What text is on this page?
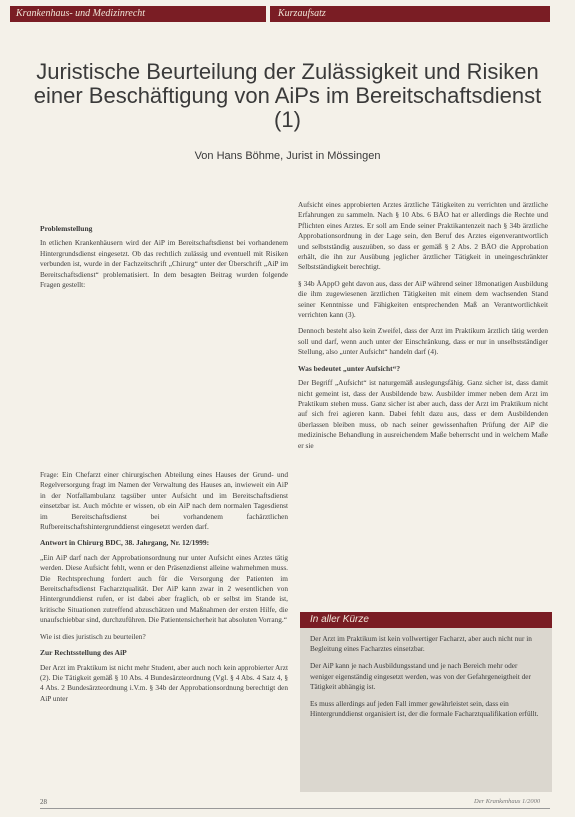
Krankenhaus- und Medizinrecht	Kurzaufsatz
Juristische Beurteilung der Zulässigkeit und Risiken einer Beschäftigung von AiPs im Bereitschaftsdienst (1)
Von Hans Böhme, Jurist in Mössingen
Problemstellung

In etlichen Krankenhäusern wird der AiP im Bereitschaftsdienst bei vorhandenem Hintergrundsdienst eingesetzt. Ob das rechtlich zulässig und eventuell mit Risiken verbunden ist, wurde in der Fachzeitschrift „Chirurg“ unter der Überschrift „AiP im Bereitschaftsdienst“ problematisiert. In dem besagten Beitrag wurden folgende Fragen gestellt:

Frage: Ein Chefarzt einer chirurgischen Abteilung eines Hauses der Grund- und Regelversorgung fragt im Namen der Verwaltung des Hauses an, inwieweit ein AiP in der Notfallambulanz tagsüber unter Aufsicht und im Bereitschaftsdienst einsetzbar ist. Auch möchte er wissen, ob ein AiP nach dem normalen Tagesdienst im Bereitschaftsdienst bei vorhandenem fachärztlichen Rufbereitschaftshintergrunddienst eingesetzt werden darf.

Antwort in Chirurg BDC, 38. Jahrgang, Nr. 12/1999:

„Ein AiP darf nach der Approbationsordnung nur unter Aufsicht eines Arztes tätig werden. Diese Aufsicht fehlt, wenn er den Präsenzdienst alleine wahrnehmen muss. Die Rechtsprechung fordert auch für die Versorgung der Patienten im Bereitschaftsdienst Facharztqualität. Der AiP kann zwar in 2 wesentlichen von Hintergrunddienst rufen, er ist dabei aber fraglich, ob er selbst im Stande ist, kritische Situationen zutreffend abzuschätzen und Maßnahmen der ersten Hilfe, die unaufschiebbar sind, durchzuführen. Die Patientensicherheit hat absoluten Vorrang.“

Wie ist dies juristisch zu beurteilen?

Zur Rechtsstellung des AiP

Der Arzt im Praktikum ist nicht mehr Student, aber auch noch kein approbierter Arzt (2). Die Tätigkeit gemäß § 10 Abs. 4 Bundesärzteordnung (Vgl. § 4 Abs. 4 Satz 4, § 4 Abs. 2 Bundesärzteordnung i.V.m. § 34b der Approbationsordnung berechtigt den AiP unter

Aufsicht eines approbierten Arztes ärztliche Tätigkeiten zu verrichten und ärztliche Erfahrungen zu sammeln. Nach § 10 Abs. 6 BÄO hat er allerdings die Rechte und Pflichten eines Arztes. Er soll am Ende seiner Praktikantenzeit nach § 34b ärztliche Approbationsordnung in der Lage sein, den Beruf des Arztes eigenverantwortlich und selbstständig auszuüben, so dass er gemäß § 2 Abs. 2 BÄO die Approbation erhält, die ihn zur Ausübung jeglicher ärztlicher Tätigkeit in uneingeschränkter Selbstständigkeit berechtigt.

§ 34b ÄAppO geht davon aus, dass der AiP während seiner 18monatigen Ausbildung die ihm zugewiesenen ärztlichen Tätigkeiten mit einem dem wachsenden Stand seiner Kenntnisse und Fähigkeiten entsprechenden Maß an Verantwortlichkeit verrichten kann (3).

Dennoch besteht also kein Zweifel, dass der Arzt im Praktikum ärztlich tätig werden soll und darf, wenn auch unter der Einschränkung, dass er nur in unselbstständiger Stellung, also „unter Aufsicht“ handeln darf (4).

Was bedeutet „unter Aufsicht“?

Der Begriff „Aufsicht“ ist naturgemäß auslegungsfähig. Ganz sicher ist, dass damit nicht gemeint ist, dass der Ausbildende bzw. Ausbilder immer neben dem Arzt im Praktikum stehen muss. Ganz sicher ist aber auch, dass der Arzt im Praktikum nicht auf sich frei agieren kann. Dabei fehlt dazu aus, dass er dem Ausbildenden überlassen bleiben muss, ob nach seiner gewissenhaften Prüfung der AiP die medizinische Behandlung in ausreichendem Maße beherrscht und in welchem Maße er sie

In aller Kürze

Der Arzt im Praktikum ist kein vollwertiger Facharzt, aber auch nicht nur in Begleitung eines Facharztes einsetzbar.

Der AiP kann je nach Ausbildungsstand und je nach Bereich mehr oder weniger eigenständig eingesetzt werden, was von der Gefahrgeneigtheit der Tätigkeit abhängig ist.

Es muss allerdings auf jeden Fall immer gewährleistet sein, dass ein Hintergrunddienst organisiert ist, der die formale Facharztqualifikation erfüllt.

28	Der Krankenhaus 1/2000
